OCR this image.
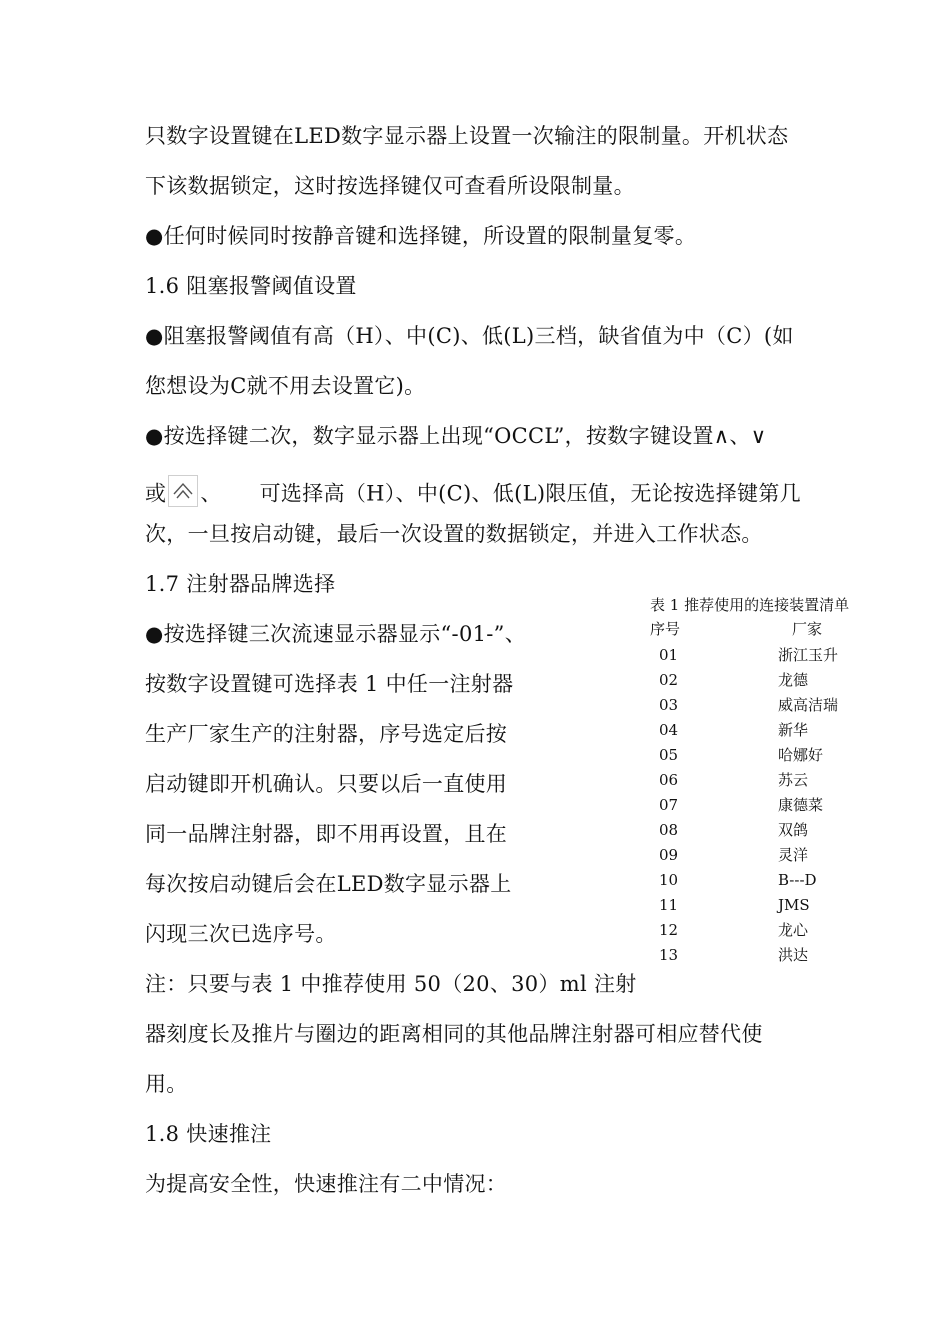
只数字设置键在LED数字显示器上设置一次输注的限制量。开机状态
下该数据锁定，这时按选择键仅可查看所设限制量。
●任何时候同时按静音键和选择键，所设置的限制量复零。
1.6 阻塞报警阈值设置
●阻塞报警阈值有高（H）、中(C)、低(L)三档，缺省值为中（C）(如
您想设为C就不用去设置它)。
●按选择键二次，数字显示器上出现“OCCL”，按数字键设置∧、∨
或 、 可选择高（H）、中(C)、低(L)限压值，无论按选择键第几
次，一旦按启动键，最后一次设置的数据锁定，并进入工作状态。
1.7 注射器品牌选择
●按选择键三次流速显示器显示“-01-”、
按数字设置键可选择表 1 中任一注射器
生产厂家生产的注射器，序号选定后按
启动键即开机确认。只要以后一直使用
同一品牌注射器，即不用再设置，且在
每次按启动键后会在LED数字显示器上
闪现三次已选序号。
注：只要与表 1 中推荐使用 50（20、30）ml 注射
器刻度长及推片与圈边的距离相同的其他品牌注射器可相应替代使
用。
1.8 快速推注
为提高安全性，快速推注有二中情况：
表 1 推荐使用的连接装置清单
序号	厂家
01	浙江玉升
02	龙德
03	威高洁瑞
04	新华
05	哈娜好
06	苏云
07	康德菜
08	双鸽
09	灵洋
10	B---D
11	JMS
12	龙心
13	洪达
